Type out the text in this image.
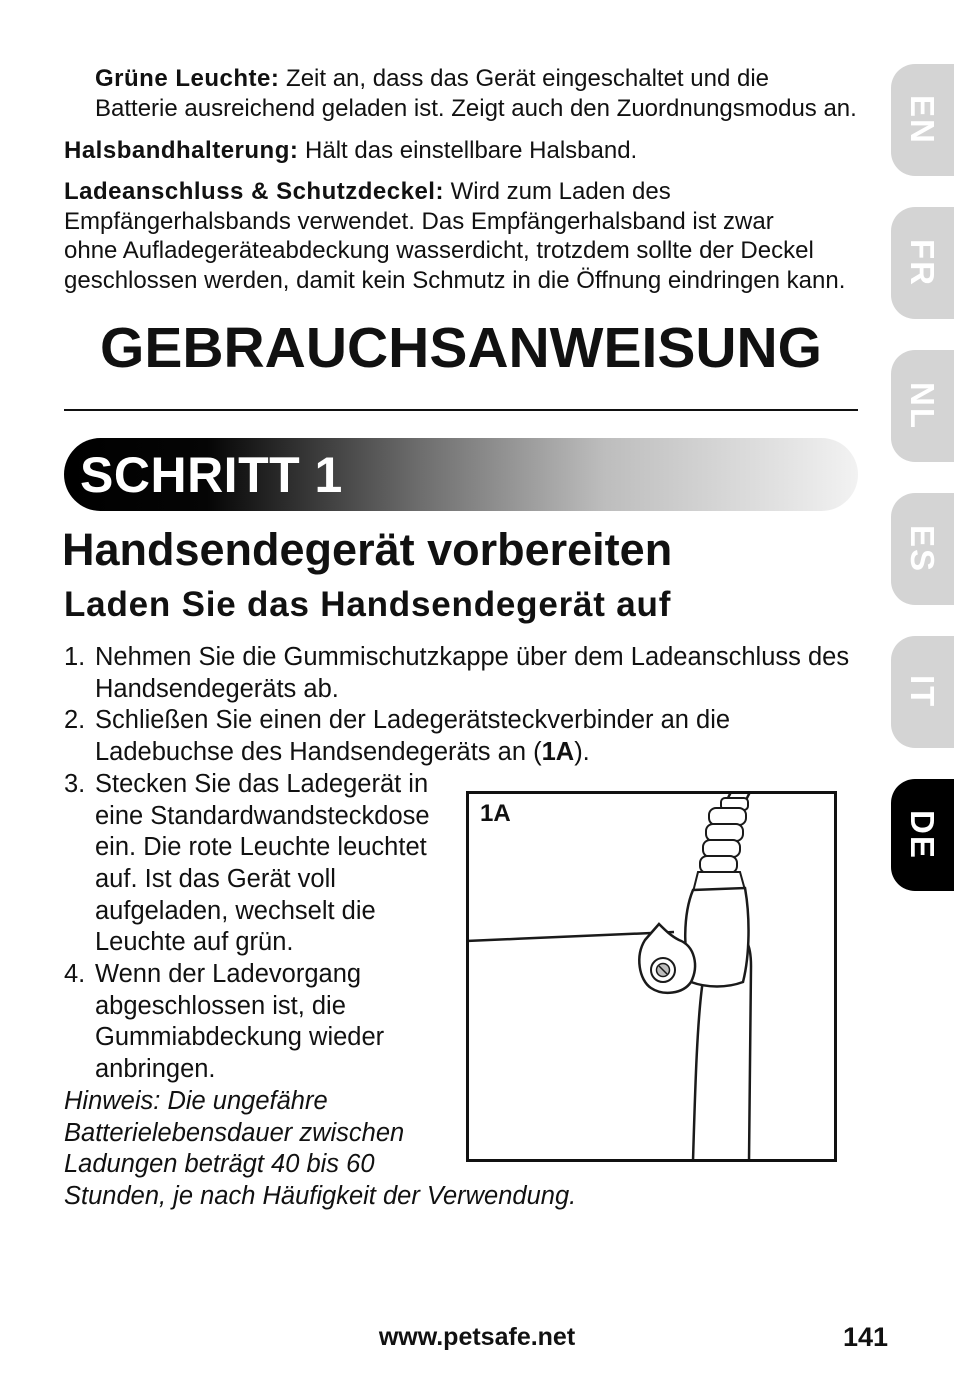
Grüne Leuchte: Zeit an, dass das Gerät eingeschaltet und die
Batterie ausreichend geladen ist. Zeigt auch den Zuordnungsmodus an.
Halsbandhalterung: Hält das einstellbare Halsband.
Ladeanschluss & Schutzdeckel: Wird zum Laden des
Empfängerhalsbands verwendet. Das Empfängerhalsband ist zwar
ohne Aufladegeräteabdeckung wasserdicht, trotzdem sollte der Deckel
geschlossen werden, damit kein Schmutz in die Öffnung eindringen kann.
GEBRAUCHSANWEISUNG
SCHRITT 1
Handsendegerät vorbereiten
Laden Sie das Handsendegerät auf
1. Nehmen Sie die Gummischutzkappe über dem Ladeanschluss des
Handsendegeräts ab.
2. Schließen Sie einen der Ladegerätsteckverbinder an die
Ladebuchse des Handsendegeräts an (1A).
3. Stecken Sie das Ladegerät in
eine Standardwandsteckdose
ein. Die rote Leuchte leuchtet
auf. Ist das Gerät voll
aufgeladen, wechselt die
Leuchte auf grün.
4. Wenn der Ladevorgang
abgeschlossen ist, die
Gummiabdeckung wieder
anbringen.
Hinweis: Die ungefähre
Batterielebensdauer zwischen
Ladungen beträgt 40 bis 60
Stunden, je nach Häufigkeit der Verwendung.
1A
EN
FR
NL
ES
IT
DE
www.petsafe.net	141
